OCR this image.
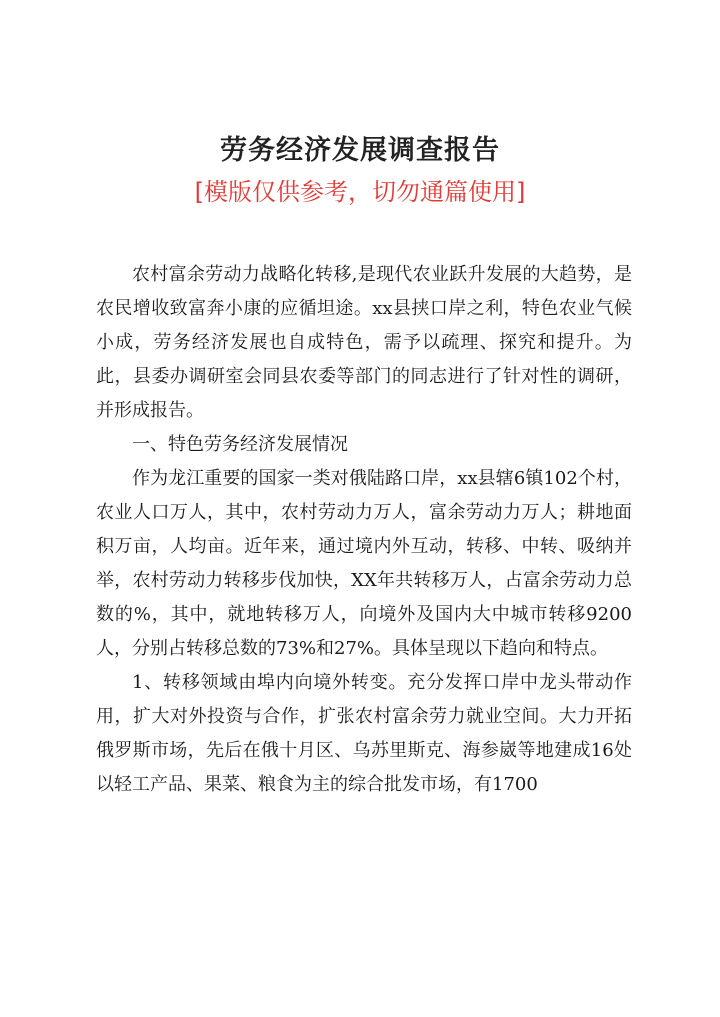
劳务经济发展调查报告
[模版仅供参考，切勿通篇使用]

农村富余劳动力战略化转移,是现代农业跃升发展的大趋势，是农民增收致富奔小康的应循坦途。xx县挟口岸之利，特色农业气候小成，劳务经济发展也自成特色，需予以疏理、探究和提升。为此，县委办调研室会同县农委等部门的同志进行了针对性的调研，并形成报告。

一、特色劳务经济发展情况

作为龙江重要的国家一类对俄陆路口岸，xx县辖6镇102个村，农业人口万人，其中，农村劳动力万人，富余劳动力万人；耕地面积万亩，人均亩。近年来，通过境内外互动，转移、中转、吸纳并举，农村劳动力转移步伐加快，XX年共转移万人，占富余劳动力总数的%，其中，就地转移万人，向境外及国内大中城市转移9200人，分别占转移总数的73%和27%。具体呈现以下趋向和特点。

1、转移领域由埠内向境外转变。充分发挥口岸中龙头带动作用，扩大对外投资与合作，扩张农村富余劳力就业空间。大力开拓俄罗斯市场，先后在俄十月区、乌苏里斯克、海参崴等地建成16处以轻工产品、果菜、粮食为主的综合批发市场，有1700
